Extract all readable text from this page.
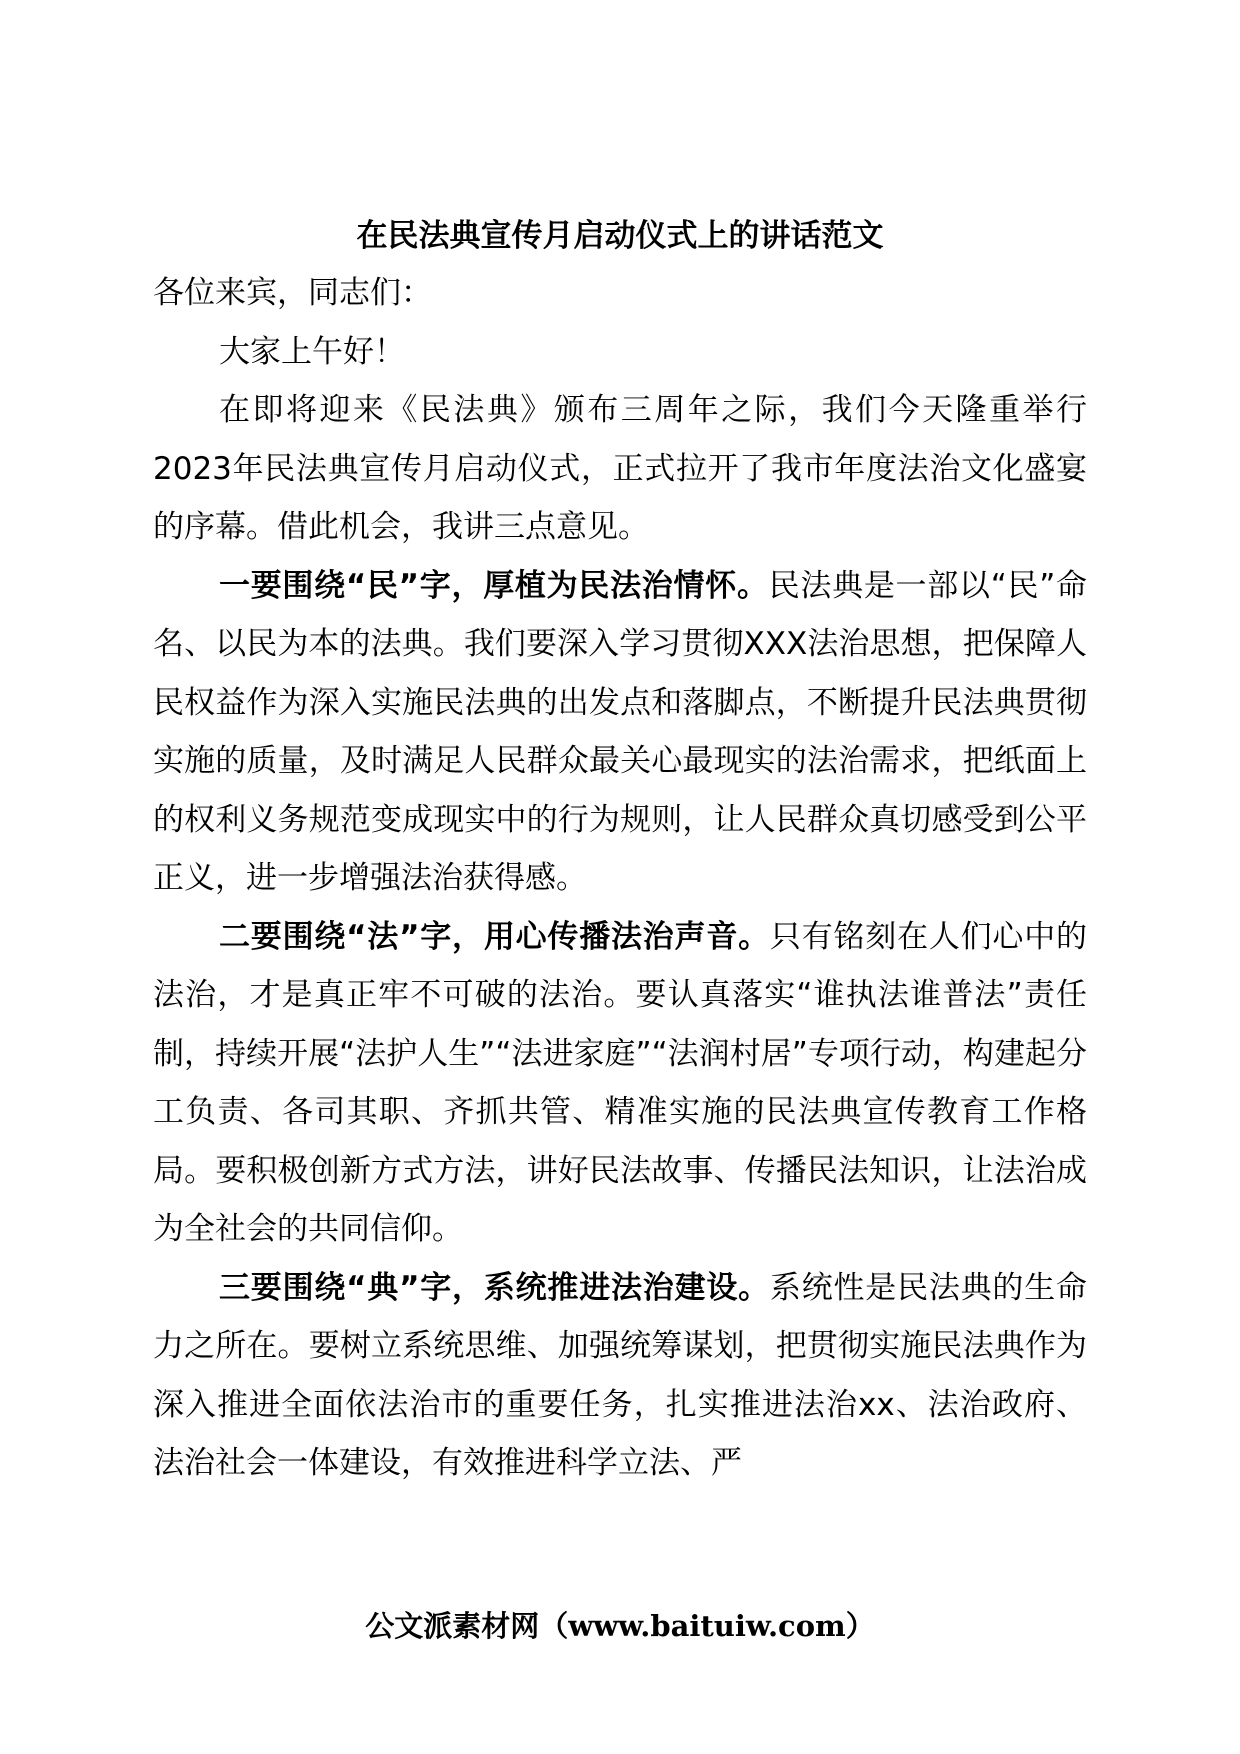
在民法典宣传月启动仪式上的讲话范文

各位来宾，同志们：

大家上午好！

在即将迎来《民法典》颁布三周年之际，我们今天隆重举行2023年民法典宣传月启动仪式，正式拉开了我市年度法治文化盛宴的序幕。借此机会，我讲三点意见。

一要围绕“民”字，厚植为民法治情怀。民法典是一部以“民”命名、以民为本的法典。我们要深入学习贯彻XXX法治思想，把保障人民权益作为深入实施民法典的出发点和落脚点，不断提升民法典贯彻实施的质量，及时满足人民群众最关心最现实的法治需求，把纸面上的权利义务规范变成现实中的行为规则，让人民群众真切感受到公平正义，进一步增强法治获得感。

二要围绕“法”字，用心传播法治声音。只有铭刻在人们心中的法治，才是真正牢不可破的法治。要认真落实“谁执法谁普法”责任制，持续开展“法护人生”“法进家庭”“法润村居”专项行动，构建起分工负责、各司其职、齐抓共管、精准实施的民法典宣传教育工作格局。要积极创新方式方法，讲好民法故事、传播民法知识，让法治成为全社会的共同信仰。

三要围绕“典”字，系统推进法治建设。系统性是民法典的生命力之所在。要树立系统思维、加强统筹谋划，把贯彻实施民法典作为深入推进全面依法治市的重要任务，扎实推进法治xx、法治政府、法治社会一体建设，有效推进科学立法、严

公文派素材网（www.baituiw.com）
